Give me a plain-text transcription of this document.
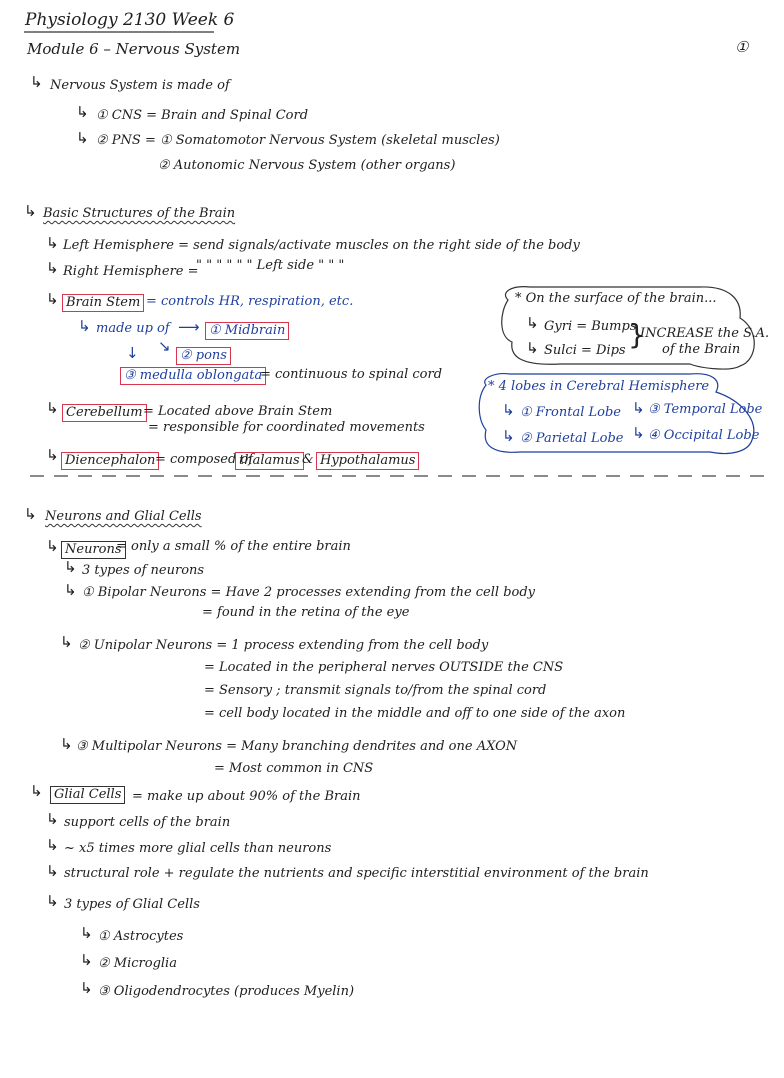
Physiology 2130 Week 6
Module 6 – Nervous System	①
↳ Nervous System is made of
↳ ① CNS = Brain and Spinal Cord
↳ ② PNS = ① Somatomotor Nervous System (skeletal muscles)
② Autonomic Nervous System (other organs)
↳ Basic Structures of the Brain
↳ Left Hemisphere = send signals/activate muscles on the right side of the body
↳ Right Hemisphere =
" " " " " " Left side " " "
↳ Brain Stem = controls HR, respiration, etc.
↳ made up of ⟶ ① Midbrain
↓ ↘
② pons
③ medulla oblongata
= continuous to spinal cord
↳ Cerebellum = Located above Brain Stem
= responsible for coordinated movements
↳ Diencephalon = composed of
thalamus & Hypothalamus
* On the surface of the brain...
↳ Gyri = Bumps
↳ Sulci = Dips }
INCREASE the S.A.
of the Brain
* 4 lobes in Cerebral Hemisphere
↳ ① Frontal Lobe ↳ ③ Temporal Lobe
↳ ② Parietal Lobe ↳ ④ Occipital Lobe
↳ Neurons and Glial Cells
↳ Neurons
= only a small % of the entire brain
↳ 3 types of neurons
↳ ① Bipolar Neurons = Have 2 processes extending from the cell body
= found in the retina of the eye
↳ ② Unipolar Neurons = 1 process extending from the cell body
= Located in the peripheral nerves OUTSIDE the CNS
= Sensory ; transmit signals to/from the spinal cord
= cell body located in the middle and off to one side of the axon
↳ ③ Multipolar Neurons = Many branching dendrites and one AXON
= Most common in CNS
↳ Glial Cells = make up about 90% of the Brain
↳ support cells of the brain
↳ ~ x5 times more glial cells than neurons
↳ structural role + regulate the nutrients and specific interstitial environment of the brain
↳ 3 types of Glial Cells
↳ ① Astrocytes
↳ ② Microglia
↳ ③ Oligodendrocytes (produces Myelin)
